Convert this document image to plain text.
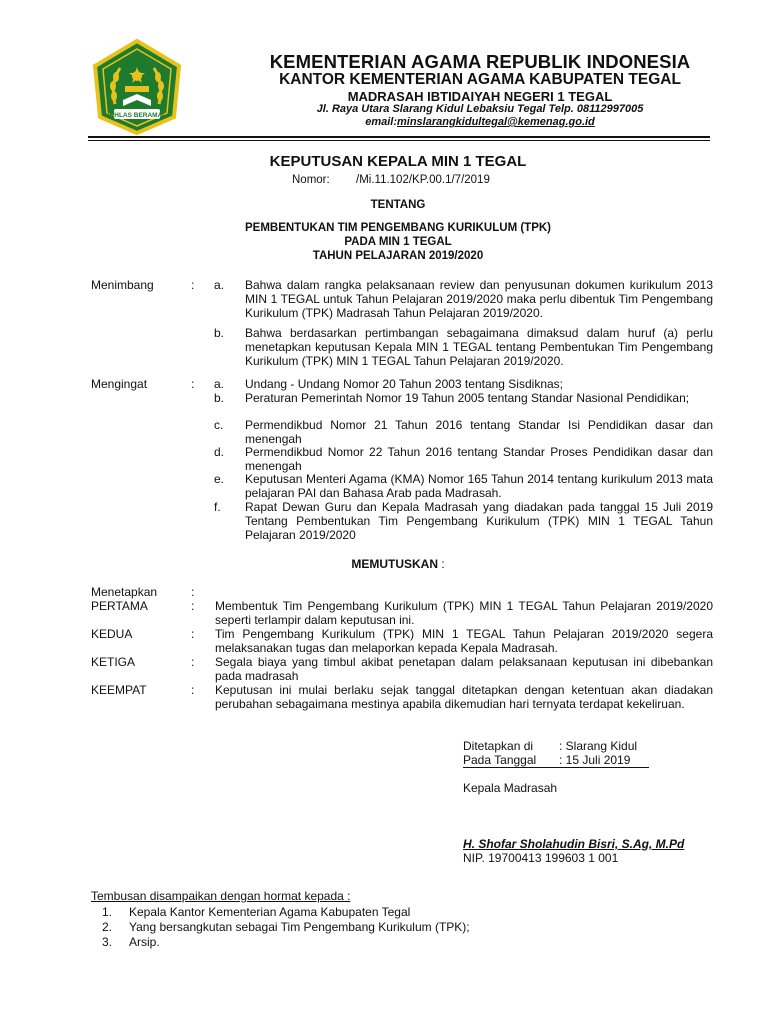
IKHLAS BERAMAL
KEMENTERIAN AGAMA REPUBLIK INDONESIA
KANTOR KEMENTERIAN AGAMA KABUPATEN TEGAL
MADRASAH IBTIDAIYAH NEGERI 1 TEGAL
Jl. Raya Utara Slarang Kidul Lebaksiu Tegal Telp. 08112997005
email:minslarangkidultegal@kemenag.go.id
KEPUTUSAN KEPALA MIN 1 TEGAL
Nomor: /Mi.11.102/KP.00.1/7/2019
TENTANG
PEMBENTUKAN TIM PENGEMBANG KURIKULUM (TPK)
PADA MIN 1 TEGAL
TAHUN PELAJARAN 2019/2020
Menimbang	: a. Bahwa dalam rangka pelaksanaan review dan penyusunan dokumen kurikulum 2013 MIN 1 TEGAL untuk Tahun Pelajaran 2019/2020 maka perlu dibentuk Tim Pengembang Kurikulum (TPK) Madrasah Tahun Pelajaran 2019/2020.
b. Bahwa berdasarkan pertimbangan sebagaimana dimaksud dalam huruf (a) perlu menetapkan keputusan Kepala MIN 1 TEGAL tentang Pembentukan Tim Pengembang Kurikulum (TPK) MIN 1 TEGAL Tahun Pelajaran 2019/2020.
Mengingat	: a. Undang - Undang Nomor 20 Tahun 2003 tentang Sisdiknas;
b. Peraturan Pemerintah Nomor 19 Tahun 2005 tentang Standar Nasional Pendidikan;
c. Permendikbud Nomor 21 Tahun 2016 tentang Standar Isi Pendidikan dasar dan menengah
d. Permendikbud Nomor 22 Tahun 2016 tentang Standar Proses Pendidikan dasar dan menengah
e. Keputusan Menteri Agama (KMA) Nomor 165 Tahun 2014 tentang kurikulum 2013 mata pelajaran PAI dan Bahasa Arab pada Madrasah.
f. Rapat Dewan Guru dan Kepala Madrasah yang diadakan pada tanggal 15 Juli 2019 Tentang Pembentukan Tim Pengembang Kurikulum (TPK) MIN 1 TEGAL Tahun Pelajaran 2019/2020
MEMUTUSKAN :
Menetapkan	:
PERTAMA	: Membentuk Tim Pengembang Kurikulum (TPK) MIN 1 TEGAL Tahun Pelajaran 2019/2020 seperti terlampir dalam keputusan ini.
KEDUA	: Tim Pengembang Kurikulum (TPK) MIN 1 TEGAL Tahun Pelajaran 2019/2020 segera melaksanakan tugas dan melaporkan kepada Kepala Madrasah.
KETIGA	: Segala biaya yang timbul akibat penetapan dalam pelaksanaan keputusan ini dibebankan pada madrasah
KEEMPAT	: Keputusan ini mulai berlaku sejak tanggal ditetapkan dengan ketentuan akan diadakan perubahan sebagaimana mestinya apabila dikemudian hari ternyata terdapat kekeliruan.
Ditetapkan di : Slarang Kidul
Pada Tanggal : 15 Juli 2019
Kepala Madrasah
H. Shofar Sholahudin Bisri, S.Ag, M.Pd
NIP. 19700413 199603 1 001
Tembusan disampaikan dengan hormat kepada :
1. Kepala Kantor Kementerian Agama Kabupaten Tegal
2. Yang bersangkutan sebagai Tim Pengembang Kurikulum (TPK);
3. Arsip.
